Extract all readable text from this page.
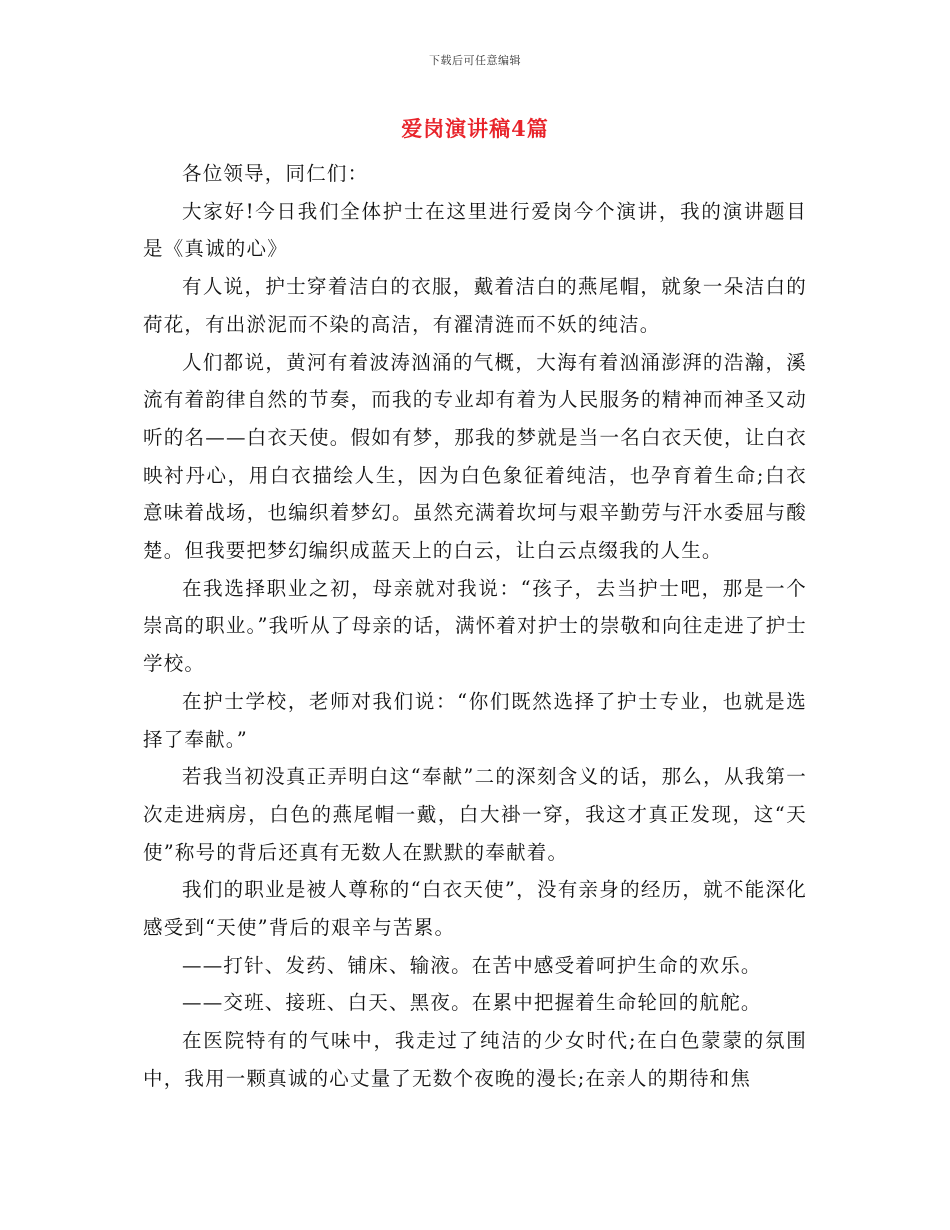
下载后可任意编辑
爱岗演讲稿4篇

各位领导，同仁们：

大家好!今日我们全体护士在这里进行爱岗今个演讲，我的演讲题目是《真诚的心》

有人说，护士穿着洁白的衣服，戴着洁白的燕尾帽，就象一朵洁白的荷花，有出淤泥而不染的高洁，有濯清涟而不妖的纯洁。

人们都说，黄河有着波涛汹涌的气概，大海有着汹涌澎湃的浩瀚，溪流有着韵律自然的节奏，而我的专业却有着为人民服务的精神而神圣又动听的名——白衣天使。假如有梦，那我的梦就是当一名白衣天使，让白衣映衬丹心，用白衣描绘人生，因为白色象征着纯洁，也孕育着生命;白衣意味着战场，也编织着梦幻。虽然充满着坎坷与艰辛勤劳与汗水委屈与酸楚。但我要把梦幻编织成蓝天上的白云，让白云点缀我的人生。

在我选择职业之初，母亲就对我说：“孩子，去当护士吧，那是一个崇高的职业。”我听从了母亲的话，满怀着对护士的崇敬和向往走进了护士学校。

在护士学校，老师对我们说：“你们既然选择了护士专业，也就是选择了奉献。”

若我当初没真正弄明白这“奉献”二的深刻含义的话，那么，从我第一次走进病房，白色的燕尾帽一戴，白大褂一穿，我这才真正发现，这“天使”称号的背后还真有无数人在默默的奉献着。

我们的职业是被人尊称的“白衣天使”，没有亲身的经历，就不能深化感受到“天使”背后的艰辛与苦累。

——打针、发药、铺床、输液。在苦中感受着呵护生命的欢乐。

——交班、接班、白天、黑夜。在累中把握着生命轮回的航舵。

在医院特有的气味中，我走过了纯洁的少女时代;在白色蒙蒙的氛围中，我用一颗真诚的心丈量了无数个夜晚的漫长;在亲人的期待和焦
